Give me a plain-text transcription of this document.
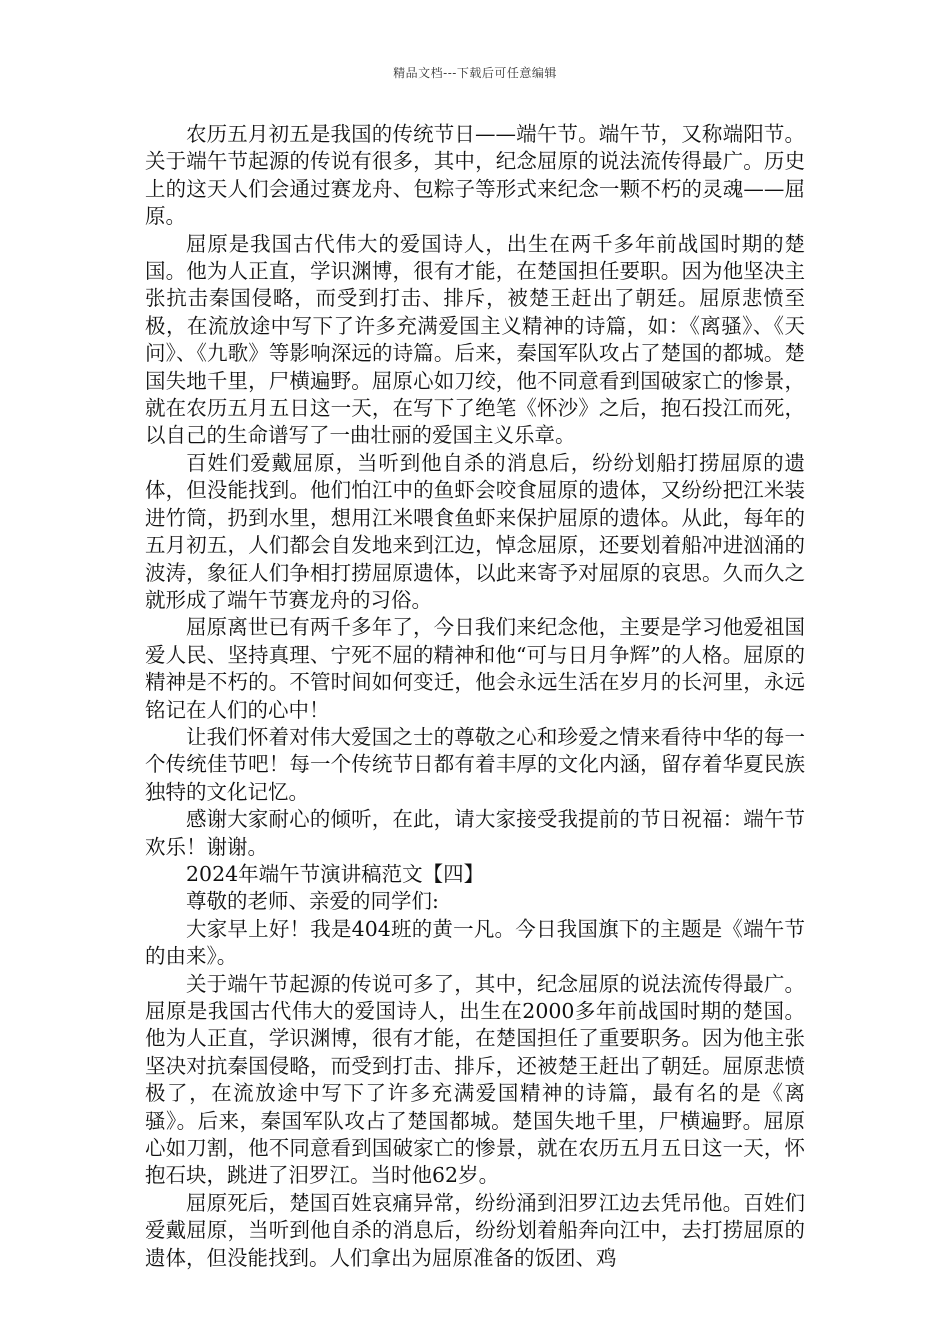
精品文档---下载后可任意编辑

农历五月初五是我国的传统节日——端午节。端午节，又称端阳节。关于端午节起源的传说有很多，其中，纪念屈原的说法流传得最广。历史上的这天人们会通过赛龙舟、包粽子等形式来纪念一颗不朽的灵魂——屈原。

屈原是我国古代伟大的爱国诗人，出生在两千多年前战国时期的楚国。他为人正直，学识渊博，很有才能，在楚国担任要职。因为他坚决主张抗击秦国侵略，而受到打击、排斥，被楚王赶出了朝廷。屈原悲愤至极，在流放途中写下了许多充满爱国主义精神的诗篇，如：《离骚》、《天问》、《九歌》等影响深远的诗篇。后来，秦国军队攻占了楚国的都城。楚国失地千里，尸横遍野。屈原心如刀绞，他不同意看到国破家亡的惨景，就在农历五月五日这一天，在写下了绝笔《怀沙》之后，抱石投江而死，以自己的生命谱写了一曲壮丽的爱国主义乐章。

百姓们爱戴屈原，当听到他自杀的消息后，纷纷划船打捞屈原的遗体，但没能找到。他们怕江中的鱼虾会咬食屈原的遗体，又纷纷把江米装进竹筒，扔到水里，想用江米喂食鱼虾来保护屈原的遗体。从此，每年的五月初五，人们都会自发地来到江边，悼念屈原，还要划着船冲进汹涌的波涛，象征人们争相打捞屈原遗体，以此来寄予对屈原的哀思。久而久之就形成了端午节赛龙舟的习俗。

屈原离世已有两千多年了，今日我们来纪念他，主要是学习他爱祖国爱人民、坚持真理、宁死不屈的精神和他“可与日月争辉”的人格。屈原的精神是不朽的。不管时间如何变迁，他会永远生活在岁月的长河里，永远铭记在人们的心中！

让我们怀着对伟大爱国之士的尊敬之心和珍爱之情来看待中华的每一个传统佳节吧！每一个传统节日都有着丰厚的文化内涵，留存着华夏民族独特的文化记忆。

感谢大家耐心的倾听，在此，请大家接受我提前的节日祝福：端午节欢乐！谢谢。

2024年端午节演讲稿范文【四】

尊敬的老师、亲爱的同学们:

大家早上好！我是404班的黄一凡。今日我国旗下的主题是《端午节的由来》。

关于端午节起源的传说可多了，其中，纪念屈原的说法流传得最广。屈原是我国古代伟大的爱国诗人，出生在2000多年前战国时期的楚国。他为人正直，学识渊博，很有才能，在楚国担任了重要职务。因为他主张坚决对抗秦国侵略，而受到打击、排斥，还被楚王赶出了朝廷。屈原悲愤极了，在流放途中写下了许多充满爱国精神的诗篇，最有名的是《离骚》。后来，秦国军队攻占了楚国都城。楚国失地千里，尸横遍野。屈原心如刀割，他不同意看到国破家亡的惨景，就在农历五月五日这一天，怀抱石块，跳进了汨罗江。当时他62岁。

屈原死后，楚国百姓哀痛异常，纷纷涌到汨罗江边去凭吊他。百姓们爱戴屈原，当听到他自杀的消息后，纷纷划着船奔向江中，去打捞屈原的遗体，但没能找到。人们拿出为屈原准备的饭团、鸡
